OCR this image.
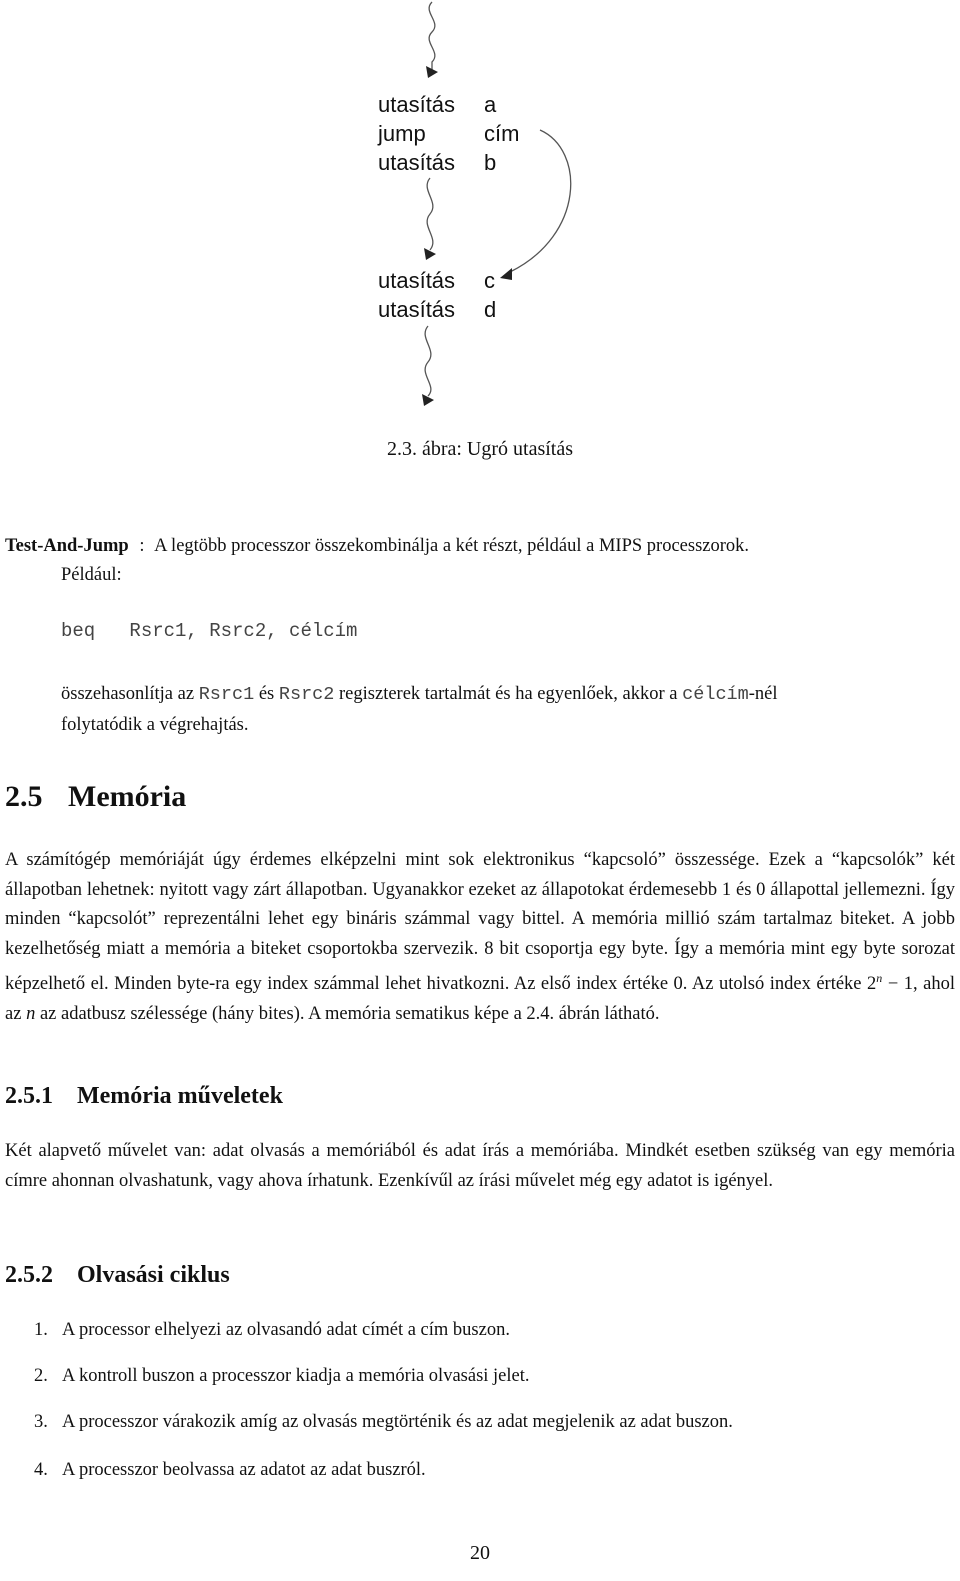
utasítás a
jump	cím
utasítás b
utasítás c
utasítás d
2.3. ábra: Ugró utasítás
Test-And-Jump : A legtöbb processzor összekombinálja a két részt, például a MIPS processzorok.
Például:
beq   Rsrc1, Rsrc2, célcím
összehasonlítja az Rsrc1 és Rsrc2 regiszterek tartalmát és ha egyenlőek, akkor a célcím-nél
folytatódik a végrehajtás.
2.5 Memória
A számítógép memóriáját úgy érdemes elképzelni mint sok elektronikus “kapcsoló” összessége. Ezek a “kapcsolók” két állapotban lehetnek: nyitott vagy zárt állapotban. Ugyanakkor ezeket az állapotokat érdemesebb 1 és 0 állapottal jellemezni. Így minden “kapcsolót” reprezentálni lehet egy bináris számmal vagy bittel. A memória millió szám tartalmaz biteket. A jobb kezelhetőség miatt a memória a biteket csoportokba szervezik. 8 bit csoportja egy byte. Így a memória mint egy byte sorozat képzelhető el. Minden byte-ra egy index számmal lehet hivatkozni. Az első index értéke 0. Az utolsó index értéke $2^n - 1$, ahol az n az adatbusz szélessége (hány bites). A memória sematikus képe a 2.4. ábrán látható.
2.5.1 Memória műveletek
Két alapvető művelet van: adat olvasás a memóriából és adat írás a memóriába. Mindkét esetben szükség van egy memória címre ahonnan olvashatunk, vagy ahova írhatunk. Ezenkívűl az írási művelet még egy adatot is igényel.
2.5.2 Olvasási ciklus
1. A processor elhelyezi az olvasandó adat címét a cím buszon.
2. A kontroll buszon a processzor kiadja a memória olvasási jelet.
3. A processzor várakozik amíg az olvasás megtörténik és az adat megjelenik az adat buszon.
4. A processzor beolvassa az adatot az adat buszról.
20
